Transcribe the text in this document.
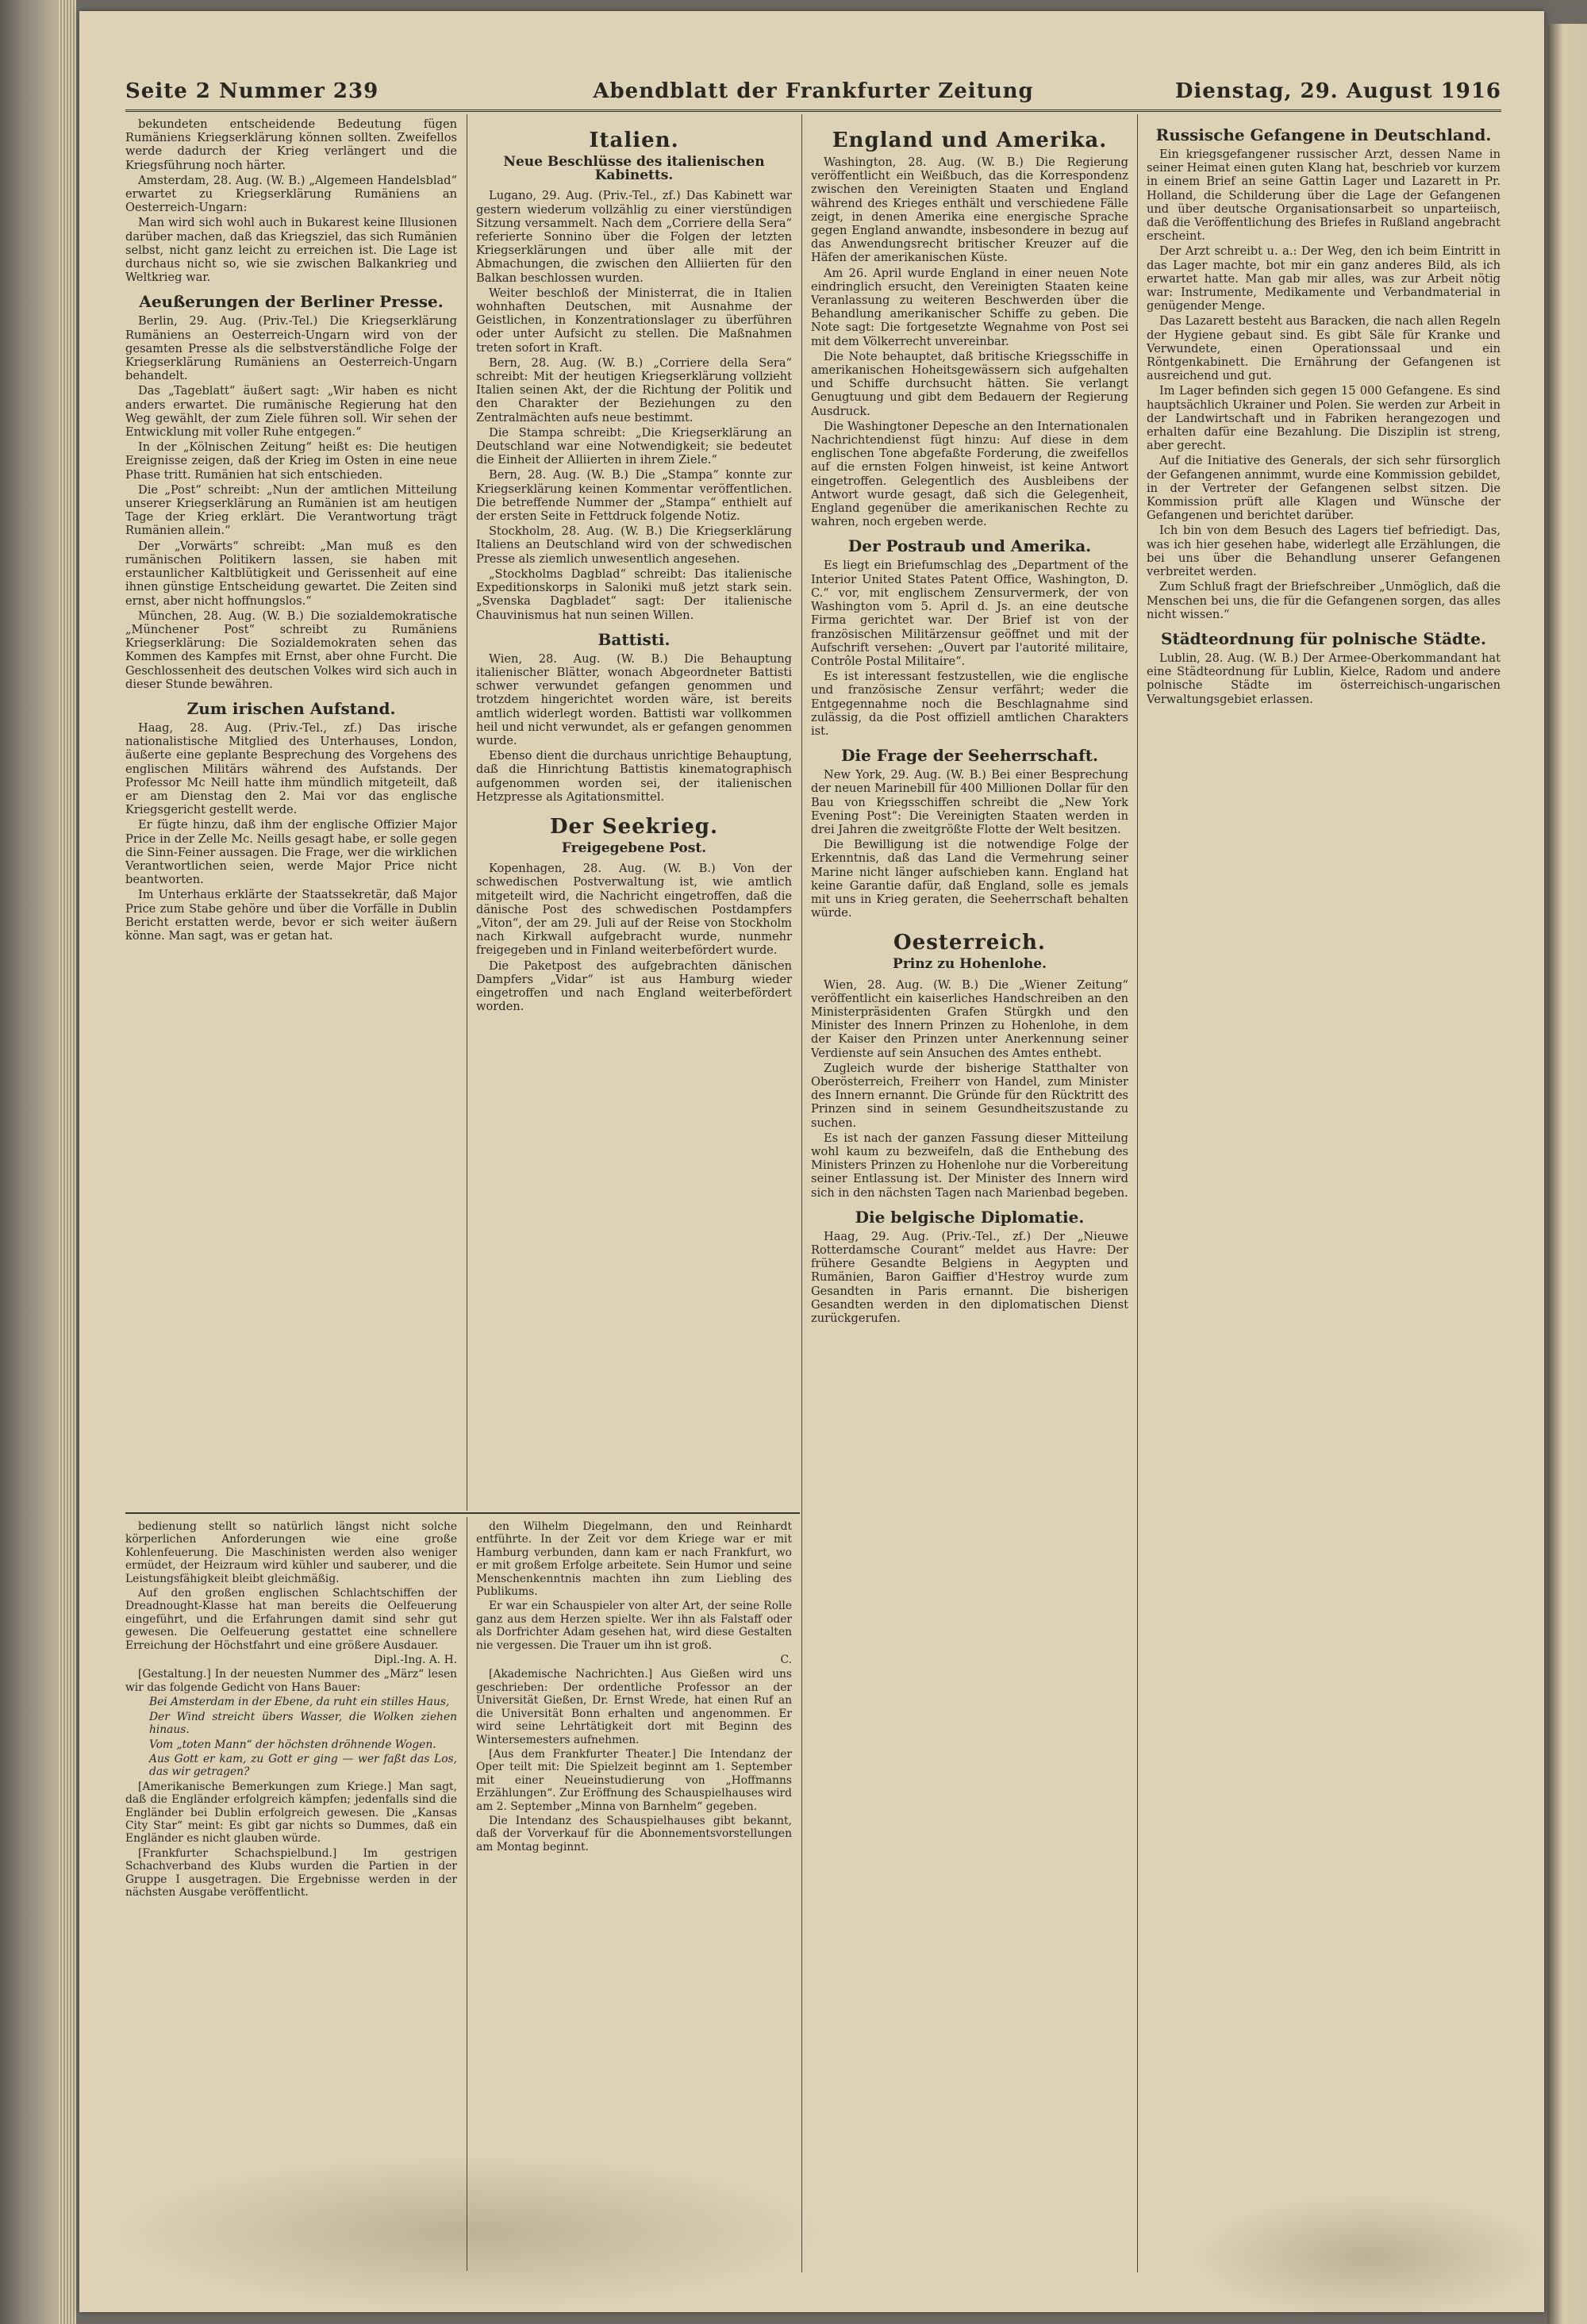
Seite 2 Nummer 239	Abendblatt der Frankfurter Zeitung	Dienstag, 29. August 1916

bekundeten entscheidende Bedeutung fügen Rumäniens Kriegserklärung können sollten. Zweifellos werde dadurch der Krieg verlängert und die Kriegsführung noch härter.

Amsterdam, 28. Aug. (W. B.) „Algemeen Handelsblad“ erwartet zu Kriegserklärung Rumäniens an Oesterreich-Ungarn:

Man wird sich wohl auch in Bukarest keine Illusionen darüber machen, daß das Kriegsziel, das sich Rumänien selbst, nicht ganz leicht zu erreichen ist. Die Lage ist durchaus nicht so, wie sie zwischen Balkankrieg und Weltkrieg war.

Aeußerungen der Berliner Presse.

Berlin, 29. Aug. (Priv.-Tel.) Die Kriegserklärung Rumäniens an Oesterreich-Ungarn wird von der gesamten Presse als die selbstverständliche Folge der Kriegserklärung Rumäniens an Oesterreich-Ungarn behandelt.

Das „Tageblatt“ äußert sagt: „Wir haben es nicht anders erwartet. Die rumänische Regierung hat den Weg gewählt, der zum Ziele führen soll. Wir sehen der Entwicklung mit voller Ruhe entgegen.“

In der „Kölnischen Zeitung“ heißt es: Die heutigen Ereignisse zeigen, daß der Krieg im Osten in eine neue Phase tritt. Rumänien hat sich entschieden.

Die „Post“ schreibt: „Nun der amtlichen Mitteilung unserer Kriegserklärung an Rumänien ist am heutigen Tage der Krieg erklärt. Die Verantwortung trägt Rumänien allein.“

Der „Vorwärts“ schreibt: „Man muß es den rumänischen Politikern lassen, sie haben mit erstaunlicher Kaltblütigkeit und Gerissenheit auf eine ihnen günstige Entscheidung gewartet. Die Zeiten sind ernst, aber nicht hoffnungslos.“

München, 28. Aug. (W. B.) Die sozialdemokratische „Münchener Post“ schreibt zu Rumäniens Kriegserklärung: Die Sozialdemokraten sehen das Kommen des Kampfes mit Ernst, aber ohne Furcht. Die Geschlossenheit des deutschen Volkes wird sich auch in dieser Stunde bewähren.

Zum irischen Aufstand.

Haag, 28. Aug. (Priv.-Tel., zf.) Das irische nationalistische Mitglied des Unterhauses, London, äußerte eine geplante Besprechung des Vorgehens des englischen Militärs während des Aufstands. Der Professor Mc Neill hatte ihm mündlich mitgeteilt, daß er am Dienstag den 2. Mai vor das englische Kriegsgericht gestellt werde.

Er fügte hinzu, daß ihm der englische Offizier Major Price in der Zelle Mc. Neills gesagt habe, er solle gegen die Sinn-Feiner aussagen. Die Frage, wer die wirklichen Verantwortlichen seien, werde Major Price nicht beantworten.

Im Unterhaus erklärte der Staatssekretär, daß Major Price zum Stabe gehöre und über die Vorfälle in Dublin Bericht erstatten werde, bevor er sich weiter äußern könne. Man sagt, was er getan hat.

Italien.
Neue Beschlüsse des italienischen Kabinetts.

Lugano, 29. Aug. (Priv.-Tel., zf.) Das Kabinett war gestern wiederum vollzählig zu einer vierstündigen Sitzung versammelt. Nach dem „Corriere della Sera“ referierte Sonnino über die Folgen der letzten Kriegserklärungen und über alle mit der Abmachungen, die zwischen den Alliierten für den Balkan beschlossen wurden.

Weiter beschloß der Ministerrat, die in Italien wohnhaften Deutschen, mit Ausnahme der Geistlichen, in Konzentrationslager zu überführen oder unter Aufsicht zu stellen. Die Maßnahmen treten sofort in Kraft.

Bern, 28. Aug. (W. B.) „Corriere della Sera“ schreibt: Mit der heutigen Kriegserklärung vollzieht Italien seinen Akt, der die Richtung der Politik und den Charakter der Beziehungen zu den Zentralmächten aufs neue bestimmt.

Die Stampa schreibt: „Die Kriegserklärung an Deutschland war eine Notwendigkeit; sie bedeutet die Einheit der Alliierten in ihrem Ziele.“

Bern, 28. Aug. (W. B.) Die „Stampa“ konnte zur Kriegserklärung keinen Kommentar veröffentlichen. Die betreffende Nummer der „Stampa“ enthielt auf der ersten Seite in Fettdruck folgende Notiz.

Stockholm, 28. Aug. (W. B.) Die Kriegserklärung Italiens an Deutschland wird von der schwedischen Presse als ziemlich unwesentlich angesehen.

„Stockholms Dagblad“ schreibt: Das italienische Expeditionskorps in Saloniki muß jetzt stark sein. „Svenska Dagbladet“ sagt: Der italienische Chauvinismus hat nun seinen Willen.

Battisti.

Wien, 28. Aug. (W. B.) Die Behauptung italienischer Blätter, wonach Abgeordneter Battisti schwer verwundet gefangen genommen und trotzdem hingerichtet worden wäre, ist bereits amtlich widerlegt worden. Battisti war vollkommen heil und nicht verwundet, als er gefangen genommen wurde.

Ebenso dient die durchaus unrichtige Behauptung, daß die Hinrichtung Battistis kinematographisch aufgenommen worden sei, der italienischen Hetzpresse als Agitationsmittel.

Der Seekrieg.
Freigegebene Post.

Kopenhagen, 28. Aug. (W. B.) Von der schwedischen Postverwaltung ist, wie amtlich mitgeteilt wird, die Nachricht eingetroffen, daß die dänische Post des schwedischen Postdampfers „Viton“, der am 29. Juli auf der Reise von Stockholm nach Kirkwall aufgebracht wurde, nunmehr freigegeben und in Finland weiterbefördert wurde.

Die Paketpost des aufgebrachten dänischen Dampfers „Vidar“ ist aus Hamburg wieder eingetroffen und nach England weiterbefördert worden.

England und Amerika.

Washington, 28. Aug. (W. B.) Die Regierung veröffentlicht ein Weißbuch, das die Korrespondenz zwischen den Vereinigten Staaten und England während des Krieges enthält und verschiedene Fälle zeigt, in denen Amerika eine energische Sprache gegen England anwandte, insbesondere in bezug auf das Anwendungsrecht britischer Kreuzer auf die Häfen der amerikanischen Küste.

Am 26. April wurde England in einer neuen Note eindringlich ersucht, den Vereinigten Staaten keine Veranlassung zu weiteren Beschwerden über die Behandlung amerikanischer Schiffe zu geben. Die Note sagt: Die fortgesetzte Wegnahme von Post sei mit dem Völkerrecht unvereinbar.

Die Note behauptet, daß britische Kriegsschiffe in amerikanischen Hoheitsgewässern sich aufgehalten und Schiffe durchsucht hätten. Sie verlangt Genugtuung und gibt dem Bedauern der Regierung Ausdruck.

Die Washingtoner Depesche an den Internationalen Nachrichtendienst fügt hinzu: Auf diese in dem englischen Tone abgefaßte Forderung, die zweifellos auf die ernsten Folgen hinweist, ist keine Antwort eingetroffen. Gelegentlich des Ausbleibens der Antwort wurde gesagt, daß sich die Gelegenheit, England gegenüber die amerikanischen Rechte zu wahren, noch ergeben werde.

Der Postraub und Amerika.

Es liegt ein Briefumschlag des „Department of the Interior United States Patent Office, Washington, D. C.“ vor, mit englischem Zensurvermerk, der von Washington vom 5. April d. Js. an eine deutsche Firma gerichtet war. Der Brief ist von der französischen Militärzensur geöffnet und mit der Aufschrift versehen: „Ouvert par l'autorité militaire, Contrôle Postal Militaire“.

Es ist interessant festzustellen, wie die englische und französische Zensur verfährt; weder die Entgegennahme noch die Beschlagnahme sind zulässig, da die Post offiziell amtlichen Charakters ist.

Die Frage der Seeherrschaft.

New York, 29. Aug. (W. B.) Bei einer Besprechung der neuen Marinebill für 400 Millionen Dollar für den Bau von Kriegsschiffen schreibt die „New York Evening Post“: Die Vereinigten Staaten werden in drei Jahren die zweitgrößte Flotte der Welt besitzen.

Die Bewilligung ist die notwendige Folge der Erkenntnis, daß das Land die Vermehrung seiner Marine nicht länger aufschieben kann. England hat keine Garantie dafür, daß England, solle es jemals mit uns in Krieg geraten, die Seeherrschaft behalten würde.

Oesterreich.
Prinz zu Hohenlohe.

Wien, 28. Aug. (W. B.) Die „Wiener Zeitung“ veröffentlicht ein kaiserliches Handschreiben an den Ministerpräsidenten Grafen Stürgkh und den Minister des Innern Prinzen zu Hohenlohe, in dem der Kaiser den Prinzen unter Anerkennung seiner Verdienste auf sein Ansuchen des Amtes enthebt.

Zugleich wurde der bisherige Statthalter von Oberösterreich, Freiherr von Handel, zum Minister des Innern ernannt. Die Gründe für den Rücktritt des Prinzen sind in seinem Gesundheitszustande zu suchen.

Es ist nach der ganzen Fassung dieser Mitteilung wohl kaum zu bezweifeln, daß die Enthebung des Ministers Prinzen zu Hohenlohe nur die Vorbereitung seiner Entlassung ist. Der Minister des Innern wird sich in den nächsten Tagen nach Marienbad begeben.

Die belgische Diplomatie.

Haag, 29. Aug. (Priv.-Tel., zf.) Der „Nieuwe Rotterdamsche Courant“ meldet aus Havre: Der frühere Gesandte Belgiens in Aegypten und Rumänien, Baron Gaiffier d'Hestroy wurde zum Gesandten in Paris ernannt. Die bisherigen Gesandten werden in den diplomatischen Dienst zurückgerufen.

Russische Gefangene in Deutschland.

Ein kriegsgefangener russischer Arzt, dessen Name in seiner Heimat einen guten Klang hat, beschrieb vor kurzem in einem Brief an seine Gattin Lager und Lazarett in Pr. Holland, die Schilderung über die Lage der Gefangenen und über deutsche Organisationsarbeit so unparteiisch, daß die Veröffentlichung des Briefes in Rußland angebracht erscheint.

Der Arzt schreibt u. a.: Der Weg, den ich beim Eintritt in das Lager machte, bot mir ein ganz anderes Bild, als ich erwartet hatte. Man gab mir alles, was zur Arbeit nötig war: Instrumente, Medikamente und Verbandmaterial in genügender Menge.

Das Lazarett besteht aus Baracken, die nach allen Regeln der Hygiene gebaut sind. Es gibt Säle für Kranke und Verwundete, einen Operationssaal und ein Röntgenkabinett. Die Ernährung der Gefangenen ist ausreichend und gut.

Im Lager befinden sich gegen 15 000 Gefangene. Es sind hauptsächlich Ukrainer und Polen. Sie werden zur Arbeit in der Landwirtschaft und in Fabriken herangezogen und erhalten dafür eine Bezahlung. Die Disziplin ist streng, aber gerecht.

Auf die Initiative des Generals, der sich sehr fürsorglich der Gefangenen annimmt, wurde eine Kommission gebildet, in der Vertreter der Gefangenen selbst sitzen. Die Kommission prüft alle Klagen und Wünsche der Gefangenen und berichtet darüber.

Ich bin von dem Besuch des Lagers tief befriedigt. Das, was ich hier gesehen habe, widerlegt alle Erzählungen, die bei uns über die Behandlung unserer Gefangenen verbreitet werden.

Zum Schluß fragt der Briefschreiber „Unmöglich, daß die Menschen bei uns, die für die Gefangenen sorgen, das alles nicht wissen.“

Städteordnung für polnische Städte.

Lublin, 28. Aug. (W. B.) Der Armee-Oberkommandant hat eine Städteordnung für Lublin, Kielce, Radom und andere polnische Städte im österreichisch-ungarischen Verwaltungsgebiet erlassen.

bedienung stellt so natürlich längst nicht solche körperlichen Anforderungen wie eine große Kohlenfeuerung. Die Maschinisten werden also weniger ermüdet, der Heizraum wird kühler und sauberer, und die Leistungsfähigkeit bleibt gleichmäßig.

Auf den großen englischen Schlachtschiffen der Dreadnought-Klasse hat man bereits die Oelfeuerung eingeführt, und die Erfahrungen damit sind sehr gut gewesen. Die Oelfeuerung gestattet eine schnellere Erreichung der Höchstfahrt und eine größere Ausdauer.

Dipl.-Ing. A. H.

[Gestaltung.] In der neuesten Nummer des „März“ lesen wir das folgende Gedicht von Hans Bauer:

Bei Amsterdam in der Ebene, da ruht ein stilles Haus,

Der Wind streicht übers Wasser, die Wolken ziehen hinaus.

Vom „toten Mann“ der höchsten dröhnende Wogen.

Aus Gott er kam, zu Gott er ging — wer faßt das Los, das wir getragen?

[Amerikanische Bemerkungen zum Kriege.] Man sagt, daß die Engländer erfolgreich kämpfen; jedenfalls sind die Engländer bei Dublin erfolgreich gewesen. Die „Kansas City Star“ meint: Es gibt gar nichts so Dummes, daß ein Engländer es nicht glauben würde.

[Frankfurter Schachspielbund.] Im gestrigen Schachverband des Klubs wurden die Partien in der Gruppe I ausgetragen. Die Ergebnisse werden in der nächsten Ausgabe veröffentlicht.

den Wilhelm Diegelmann, den und Reinhardt entführte. In der Zeit vor dem Kriege war er mit Hamburg verbunden, dann kam er nach Frankfurt, wo er mit großem Erfolge arbeitete. Sein Humor und seine Menschenkenntnis machten ihn zum Liebling des Publikums.

Er war ein Schauspieler von alter Art, der seine Rolle ganz aus dem Herzen spielte. Wer ihn als Falstaff oder als Dorfrichter Adam gesehen hat, wird diese Gestalten nie vergessen. Die Trauer um ihn ist groß.

C.

[Akademische Nachrichten.] Aus Gießen wird uns geschrieben: Der ordentliche Professor an der Universität Gießen, Dr. Ernst Wrede, hat einen Ruf an die Universität Bonn erhalten und angenommen. Er wird seine Lehrtätigkeit dort mit Beginn des Wintersemesters aufnehmen.

[Aus dem Frankfurter Theater.] Die Intendanz der Oper teilt mit: Die Spielzeit beginnt am 1. September mit einer Neueinstudierung von „Hoffmanns Erzählungen“. Zur Eröffnung des Schauspielhauses wird am 2. September „Minna von Barnhelm“ gegeben.

Die Intendanz des Schauspielhauses gibt bekannt, daß der Vorverkauf für die Abonnementsvorstellungen am Montag beginnt.
